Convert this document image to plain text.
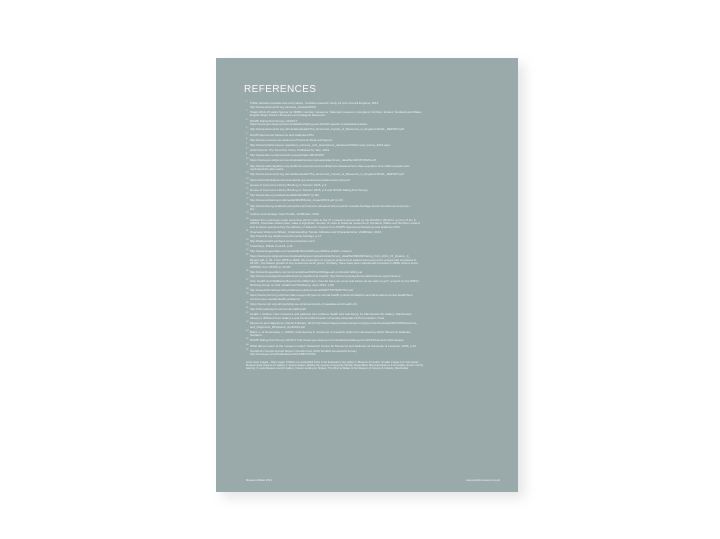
REFERENCES
1 Public attitudes towards arts and culture, ComRes research study for Arts Council England, 2014
http://www.artscouncil.org.uk/news_release/2013/
2 Totals 2014-15 visitor figures for NMDC member museums: National museums in England, Northern Ireland, Scotland and Wales;
English Major Partner Museums and Glasgow Museums.
3 DCMS Taking Part Survey, 2016/17
https://www.gov.uk/government/statistics/taking-part-201623-quarter-4-statistical-release
4 http://www.artscouncil.org.uk/media/uploads/The_Economic_Impact_of_Museums_in_England-FINAL_REPORT.pdf
5 DCMS Sponsored Museums and Galleries KPIs
6 http://www.museums.ac.uk/at-your/?content=facts-and-figures
7 http://www.britishmuseum.org/about_us/news_and_press/press_releases/2016/annual_review_2016.aspx
8 Artist Rooms: The First Five Years, Published by Tate, 2013
9 http://www.tate.co.uk/research-research/tate-2013/2015
10 https://www.gov.uk/government/uploads/system/uploads/attachment_data/file/320367/DMS.pdf
11 http://www.nationalgallery.org.uk/about-us/press-and-media/press-releases/more-than-a-quarter-of-a-million-people-visit-
rembrandt-the-late-works
12 http://www.artscouncil.org.uk/media/uploads/The_Economic_Impact_of_Museums_in_England-FINAL_REPORT.pdf
13 https://www.klicdailytourismtoscotland.gov.uk/accommodation/summary.pdf
14 House of Commons Library Briefing on Tourism 2015, p.3
15 House of Commons Library Briefing on Tourism 2015, p.3 and DCMS Taking Part Survey
16 http://www.tate.org.uk/download/file/fid/44097 (p.60)
17 http://www.scotland.gov.uk/media/362453/visit_impact/2013.pdf (p.13)
18 http://www.tefl.org.uk/about-us/media-centre/press-releases/new-research-reveals-heritage-tourism-boosts-uk-economy--
bn/
19 Culture and Heritage Topic Profile, VisitBritain, 2010
20 Visitors from overseas made more than 22.3m visits to the 17 museums sponsored by the DCMS in 2013/14, up from 8.6m in
2002/3. Overseas visitors also make a significant number of visits to National museums in Scotland, Wales and Northern Ireland
and to those sponsored by the Ministry of Defence. Figures from DCMS Sponsored Museums and Galleries KPIs.
21 Overseas Visitors to Britain, Understanding Trends, Attitudes and Characteristics, VisitBritain, 2010
http://www.tfl.org.uk/about-and-benefits-heritage, p.17
22 http://tlaftpoint2/2-portland-communications.com/
23 Trust Pays, British Council, p.12
24 http://www.theguardian.com/world/2015/oct/02/top-exhibition-british-museum
25 https://www.gov.uk/government/uploads/system/uploads/attachment_data/file/360009/Taking_Part_2014_15_Quarter_3_
Report.pdf, p. 61. From 2005 to 2006, the proportion of museum visitors from lowest socio-economic groups had increased to
28.3% - the fastest growth of any social economic group. Similarly, there have been substantial increases in BME visitors since
2005/06, from 35.8% to 43.0%.
26 http://www.theguardian.com/commentisfree/2016/oct/04/age-art-rembrandt-felling-up
http://www.campaignforsocialinclusions.org/tbmd-to-health/; http://www.campaignforsocialinclusions.org/inclusion/
27 Arts, Health and Wellbeing Beyond the Millennium: how far have we come and where do we want to go?, a report by the RSPH
Working Group on Arts, Health and Wellbeing, June 2013, p.58
28 http://researchbriefings.files.parliament.uk/documents/SN07707/SN07707.pdf
29 https://www.mind.org.uk/information-support/types-of-mental-health-problems/statistics-and-facts-about-mental-health/how-
common-are-mental-health-problems/
30 https://www.nuh.org.uk/nwp/what-we-do/projects/arts-of-wealdale-and-health-chc
31 http://vtft.peakpsych.com/content/2011/4/0
32 Health + Culture: How museums and galleries can enhance health and well-being, by Manchester Art Gallery, Manchester
Museum, Whitworth Art Gallery Local Control Manchester University Hospitals NHS Foundation Trust
33 Museums and Happiness, Daniel Fujiwara, 2013 http://www.happymuseumproject.org/wp-content/uploads/2013/04/Museums_
and_happiness_DFujiwara_April2013.pdf
34 Baird, L. & Greenaway, L. (2009), Volunteering in museums: A research study into volunteering within Museums Galleries
Scotland
35 DCMS Taking Part Survey 2016/17 http://www.gov.uk/government/statistics/taking-part-201615-annual-child-release
36 What did you learn at the museum today?, Research Centre for Museums and Galleries at University of Leicester, 2006, p.12
37 Scotland's People Annual Report: Results from 2013 Scottish Household Survey
http://www.gov.scot/Publications/2014/08/7970/11
Front cover images – Main image: Children on unidentified Cube in the Exploratory City gallery © Museum of London. Smaller images L-R: Ashmolean
Museum Early Autumn Art Gallery © James Hudson; Making the museum community friendly: Royal Albert Memorial Museum & Art Gallery, Exeter. Family
learning © Lewis Museum and Art Gallery; Curator working on Shakes: The Wind as Maker at the Museum of Science & Industry, Manchester.
Museums Matter 2014	www.scottishmuseums.org.uk
